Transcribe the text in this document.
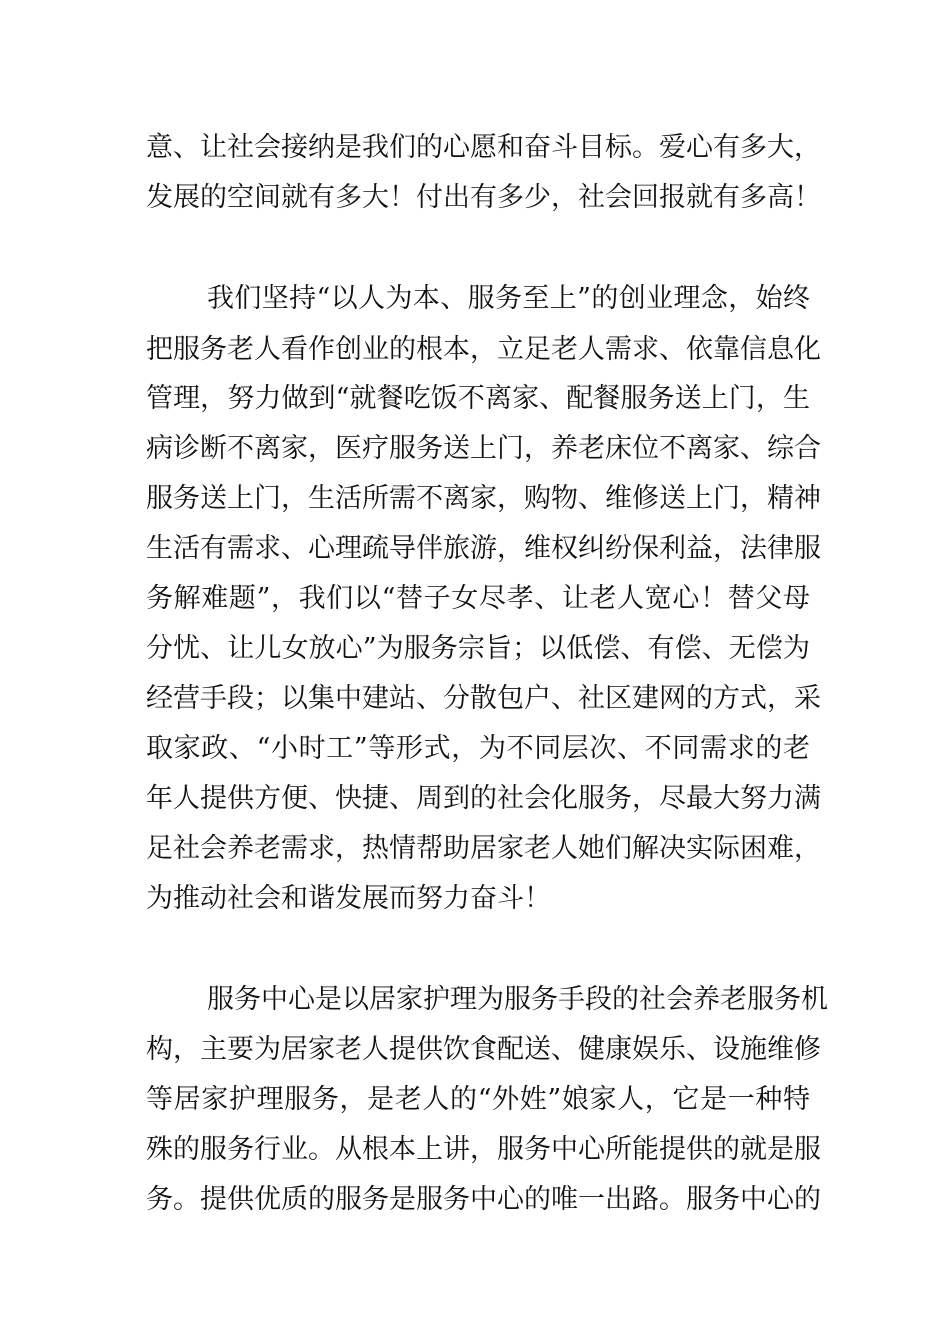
意、让社会接纳是我们的心愿和奋斗目标。爱心有多大，
发展的空间就有多大！付出有多少，社会回报就有多高！
我们坚持“以人为本、服务至上”的创业理念，始终
把服务老人看作创业的根本，立足老人需求、依靠信息化
管理，努力做到“就餐吃饭不离家、配餐服务送上门，生
病诊断不离家，医疗服务送上门，养老床位不离家、综合
服务送上门，生活所需不离家，购物、维修送上门，精神
生活有需求、心理疏导伴旅游，维权纠纷保利益，法律服
务解难题”，我们以“替子女尽孝、让老人宽心！替父母
分忧、让儿女放心”为服务宗旨；以低偿、有偿、无偿为
经营手段；以集中建站、分散包户、社区建网的方式，采
取家政、“小时工”等形式，为不同层次、不同需求的老
年人提供方便、快捷、周到的社会化服务，尽最大努力满
足社会养老需求，热情帮助居家老人她们解决实际困难，
为推动社会和谐发展而努力奋斗！
服务中心是以居家护理为服务手段的社会养老服务机
构，主要为居家老人提供饮食配送、健康娱乐、设施维修
等居家护理服务，是老人的“外姓”娘家人，它是一种特
殊的服务行业。从根本上讲，服务中心所能提供的就是服
务。提供优质的服务是服务中心的唯一出路。服务中心的
